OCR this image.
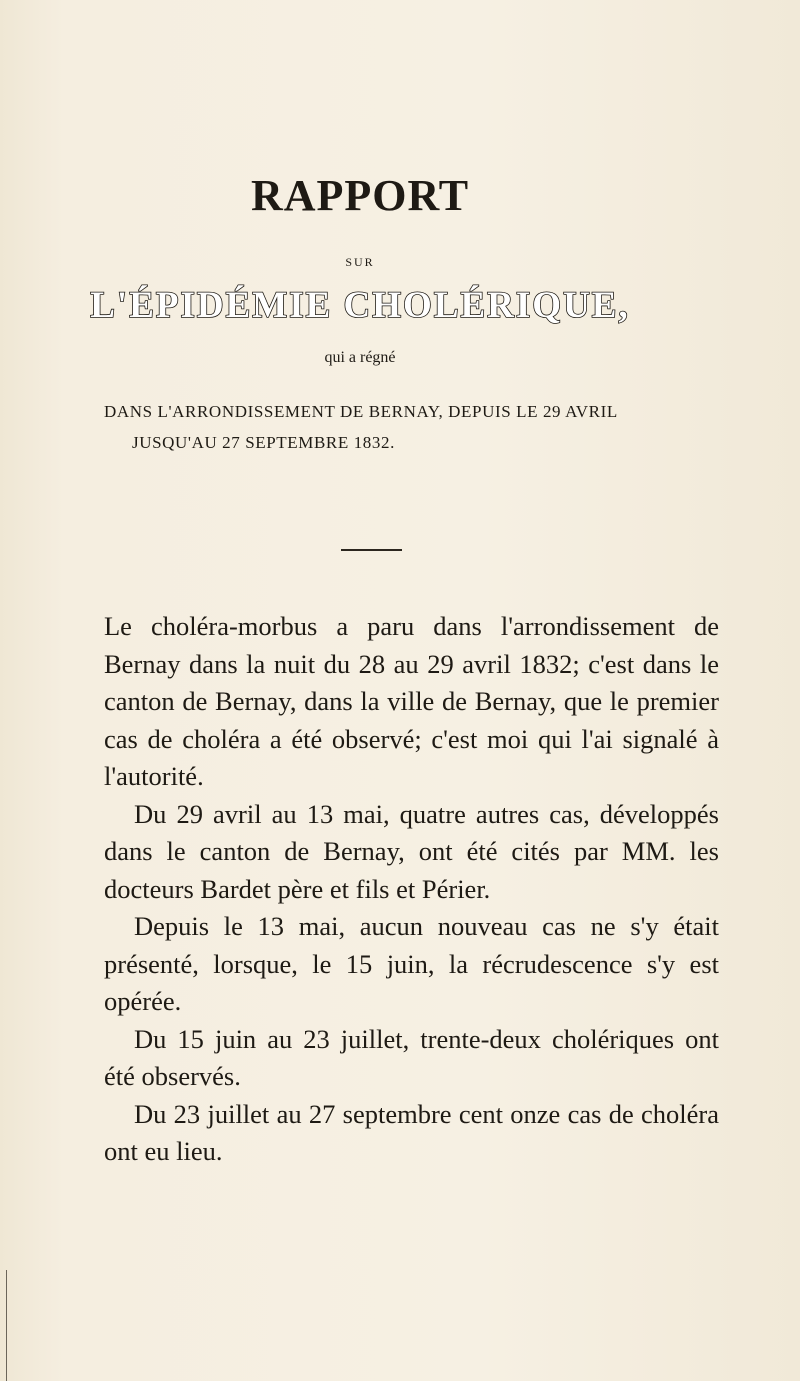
RAPPORT
SUR
L'ÉPIDÉMIE CHOLÉRIQUE,
qui a régné
DANS L'ARRONDISSEMENT DE BERNAY, DEPUIS LE 29 AVRIL
JUSQU'AU 27 SEPTEMBRE 1832.

Le choléra-morbus a paru dans l'arrondissement de Bernay dans la nuit du 28 au 29 avril 1832; c'est dans le canton de Bernay, dans la ville de Bernay, que le premier cas de choléra a été observé; c'est moi qui l'ai signalé à l'autorité.

Du 29 avril au 13 mai, quatre autres cas, développés dans le canton de Bernay, ont été cités par MM. les docteurs Bardet père et fils et Périer.

Depuis le 13 mai, aucun nouveau cas ne s'y était présenté, lorsque, le 15 juin, la récrudescence s'y est opérée.

Du 15 juin au 23 juillet, trente-deux cholériques ont été observés.

Du 23 juillet au 27 septembre cent onze cas de choléra ont eu lieu.
